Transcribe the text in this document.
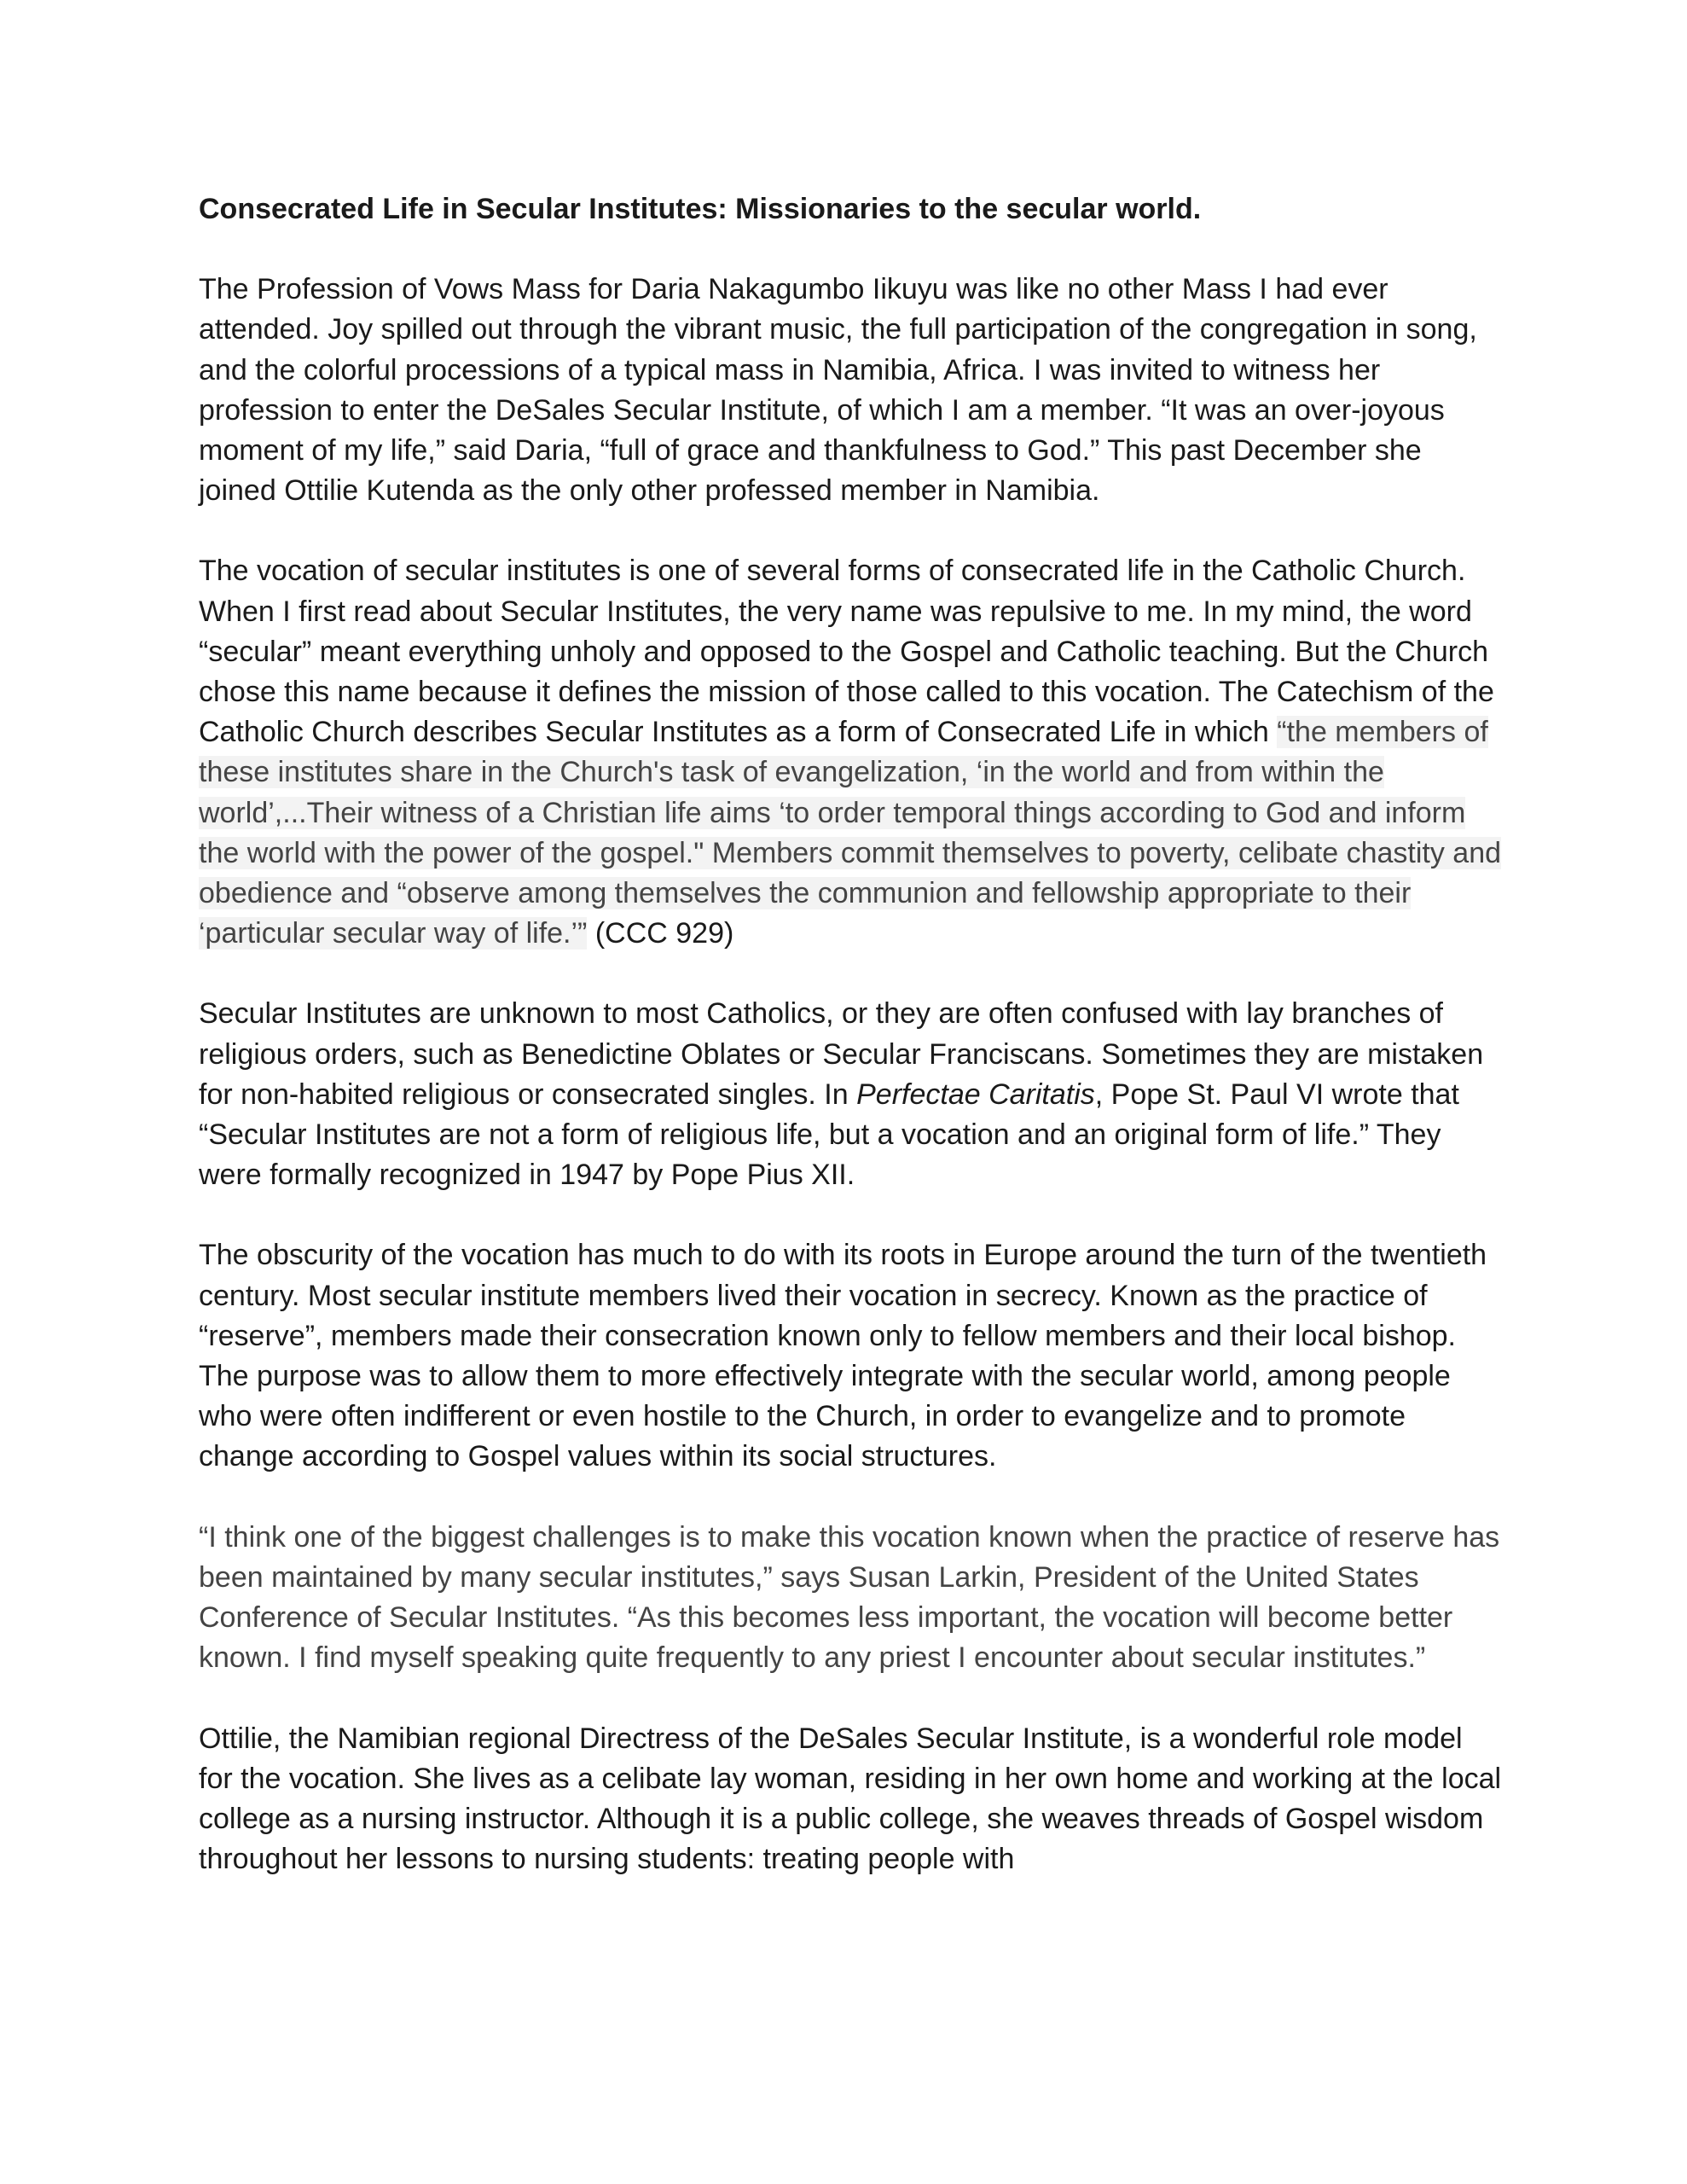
Consecrated Life in Secular Institutes: Missionaries to the secular world.
The Profession of Vows Mass for Daria Nakagumbo Iikuyu was like no other Mass I had ever attended. Joy spilled out through the vibrant music, the full participation of the congregation in song, and the colorful processions of a typical mass in Namibia, Africa. I was invited to witness her profession to enter the DeSales Secular Institute, of which I am a member. “It was an over-joyous moment of my life,” said Daria, “full of grace and thankfulness to God.” This past December she joined Ottilie Kutenda as the only other professed member in Namibia.
The vocation of secular institutes is one of several forms of consecrated life in the Catholic Church. When I first read about Secular Institutes, the very name was repulsive to me. In my mind, the word “secular” meant everything unholy and opposed to the Gospel and Catholic teaching. But the Church chose this name because it defines the mission of those called to this vocation. The Catechism of the Catholic Church describes Secular Institutes as a form of Consecrated Life in which “the members of these institutes share in the Church's task of evangelization, ‘in the world and from within the world’,...Their witness of a Christian life aims ‘to order temporal things according to God and inform the world with the power of the gospel." Members commit themselves to poverty, celibate chastity and obedience and “observe among themselves the communion and fellowship appropriate to their ‘particular secular way of life.’” (CCC 929)
Secular Institutes are unknown to most Catholics, or they are often confused with lay branches of religious orders, such as Benedictine Oblates or Secular Franciscans. Sometimes they are mistaken for non-habited religious or consecrated singles. In Perfectae Caritatis, Pope St. Paul VI wrote that “Secular Institutes are not a form of religious life, but a vocation and an original form of life.” They were formally recognized in 1947 by Pope Pius XII.
The obscurity of the vocation has much to do with its roots in Europe around the turn of the twentieth century. Most secular institute members lived their vocation in secrecy. Known as the practice of “reserve”, members made their consecration known only to fellow members and their local bishop. The purpose was to allow them to more effectively integrate with the secular world, among people who were often indifferent or even hostile to the Church, in order to evangelize and to promote change according to Gospel values within its social structures.
“I think one of the biggest challenges is to make this vocation known when the practice of reserve has been maintained by many secular institutes,” says Susan Larkin, President of the United States Conference of Secular Institutes. “As this becomes less important, the vocation will become better known. I find myself speaking quite frequently to any priest I encounter about secular institutes.”
Ottilie, the Namibian regional Directress of the DeSales Secular Institute, is a wonderful role model for the vocation. She lives as a celibate lay woman, residing in her own home and working at the local college as a nursing instructor. Although it is a public college, she weaves threads of Gospel wisdom throughout her lessons to nursing students: treating people with
